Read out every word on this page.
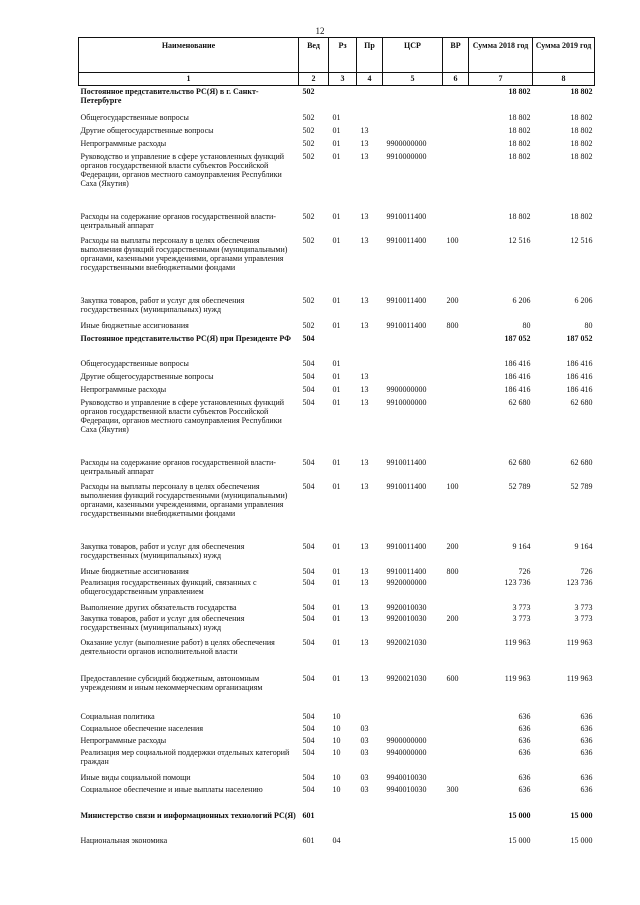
12
Наименование	Вед	Рз	Пр	ЦСР	ВР	Сумма 2018 год	Сумма 2019 год
1	2	3	4	5	6	7	8
Постоянное представительство РС(Я) в г. Санкт-Петербурге	502					18 802	18 802
Общегосударственные вопросы	502	01				18 802	18 802
Другие общегосударственные вопросы	502	01	13			18 802	18 802
Непрограммные расходы	502	01	13	9900000000		18 802	18 802
Руководство и управление в сфере установленных функций органов государственной власти субъектов Российской Федерации, органов местного самоуправления Республики Саха (Якутия)	502	01	13	9910000000		18 802	18 802
Расходы на содержание органов государственной власти- центральный аппарат	502	01	13	9910011400		18 802	18 802
Расходы на выплаты персоналу в целях обеспечения выполнения функций государственными (муниципальными) органами, казенными учреждениями, органами управления государственными внебюджетными фондами	502	01	13	9910011400	100	12 516	12 516
Закупка товаров, работ и услуг для обеспечения государственных (муниципальных) нужд	502	01	13	9910011400	200	6 206	6 206
Иные бюджетные ассигнования	502	01	13	9910011400	800	80	80
Постоянное представительство РС(Я) при Президенте РФ	504					187 052	187 052
Общегосударственные вопросы	504	01				186 416	186 416
Другие общегосударственные вопросы	504	01	13			186 416	186 416
Непрограммные расходы	504	01	13	9900000000		186 416	186 416
Руководство и управление в сфере установленных функций органов государственной власти субъектов Российской Федерации, органов местного самоуправления Республики Саха (Якутия)	504	01	13	9910000000		62 680	62 680
Расходы на содержание органов государственной власти- центральный аппарат	504	01	13	9910011400		62 680	62 680
Расходы на выплаты персоналу в целях обеспечения выполнения функций государственными (муниципальными) органами, казенными учреждениями, органами управления государственными внебюджетными фондами	504	01	13	9910011400	100	52 789	52 789
Закупка товаров, работ и услуг для обеспечения государственных (муниципальных) нужд	504	01	13	9910011400	200	9 164	9 164
Иные бюджетные ассигнования	504	01	13	9910011400	800	726	726
Реализация государственных функций, связанных с общегосударственным управлением	504	01	13	9920000000		123 736	123 736
Выполнение других обязательств государства	504	01	13	9920010030		3 773	3 773
Закупка товаров, работ и услуг для обеспечения государственных (муниципальных) нужд	504	01	13	9920010030	200	3 773	3 773
Оказание услуг (выполнение работ) в целях обеспечения деятельности органов исполнительной власти	504	01	13	9920021030		119 963	119 963
Предоставление субсидий бюджетным, автономным учреждениям и иным некоммерческим организациям	504	01	13	9920021030	600	119 963	119 963
Социальная политика	504	10				636	636
Социальное обеспечение населения	504	10	03			636	636
Непрограммные расходы	504	10	03	9900000000		636	636
Реализация мер социальной поддержки отдельных категорий граждан	504	10	03	9940000000		636	636
Иные виды социальной помощи	504	10	03	9940010030		636	636
Социальное обеспечение и иные выплаты населению	504	10	03	9940010030	300	636	636
Министерство связи и информационных технологий РС(Я)	601					15 000	15 000
Национальная экономика	601	04				15 000	15 000
